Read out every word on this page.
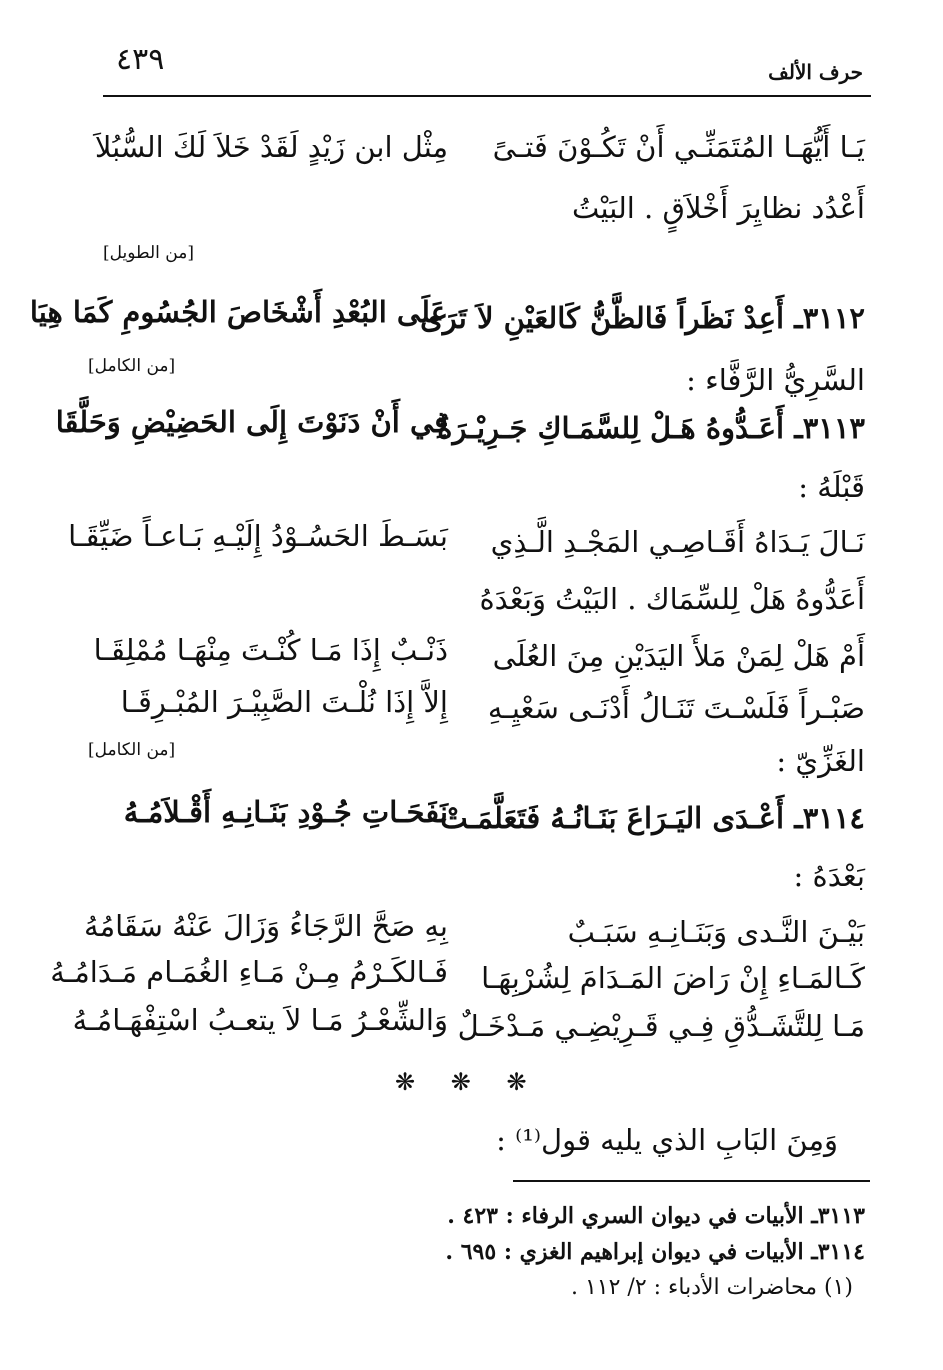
٤٣٩	حرف الألف
يَـا أَيُّهَـا المُتَمَنِّـي أَنْ تَكُـوْنَ فَتـىً
مِثْل ابن زَيْدٍ لَقَدْ خَلاَ لَكَ السُّبُلاَ
أَعْدُد نظايِرَ أَخْلاَقٍ . البَيْتُ
[من الطويل]
٣١١٢ـ أَعِدْ نَظَراً فَالظَّنُّ كَالعَيْنِ لاَ تَرَى
عَلَى البُعْدِ أَشْخَاصَ الجُسُومِ كَمَا هِيَا
[من الكامل]	السَّرِيُّ الرَّفَّاء :
٣١١٣ـ أَعَـدُّوهُ هَـلْ لِلسَّمَـاكِ جَـرِيْـرَةٌ
فِي أَنْ دَنَوْتَ إِلَى الحَضِيْضِ وَحَلَّقَا
قَبْلَهُ :
نَـالَ يَـدَاهُ أَقَـاصِـي المَجْـدِ الَّـذِي
بَسَـطَ الحَسُـوْدُ إِلَيْـهِ بَـاعـاً ضَيِّقَـا
أَعَدُّوهُ هَلْ لِلسِّمَاك . البَيْتُ وَبَعْدَهُ
أَمْ هَلْ لِمَنْ مَلأَ اليَدَيْنِ مِنَ العُلَى
ذَنْـبٌ إِذَا مَـا كُنْـتَ مِنْهَـا مُمْلِقَـا
صَبْـراً فَلَسْـتَ تَنَـالُ أَدْنَـى سَعْيِـهِ
إِلاَّ إِذَا نُلْـتَ الصَّبِيْـرَ المُبْـرِقَـا
[من الكامل]	الغَزِّيّ :
٣١١٤ـ أَعْـدَى اليَـرَاعَ بَنَـانُـهُ فَتَعَلَّمَـتْ
نَفَحَـاتِ جُـوْدِ بَنَـانِـهِ أَقْـلاَمُـهُ
بَعْدَهُ :
بَيْـنَ النَّـدى وَبَنَـانِـهِ سَبَـبٌ
بِهِ صَحَّ الرَّجَاءُ وَزَالَ عَنْهُ سَقَامُهُ
كَـالمَـاءِ إِنْ رَاضَ المَـدَامَ لِشُرْبِهَـا
فَـالكَـرْمُ مِـنْ مَـاءِ الغُمَـام مَـدَامُـهُ
مَـا لِلتَّشَـدُّقِ فِـي قَـرِيْضِـي مَـدْخَـلٌ
وَالشِّعْـرُ مَـا لاَ يتعـبُ اسْتِفْهَـامُـهُ
❋ ❋ ❋
وَمِنَ البَابِ الذي يليه قول⁽¹⁾ :
٣١١٣ـ الأبيات في ديوان السري الرفاء : ٤٢٣ .
٣١١٤ـ الأبيات في ديوان إبراهيم الغزي : ٦٩٥ .
(١) محاضرات الأدباء : ٢/ ١١٢ .
